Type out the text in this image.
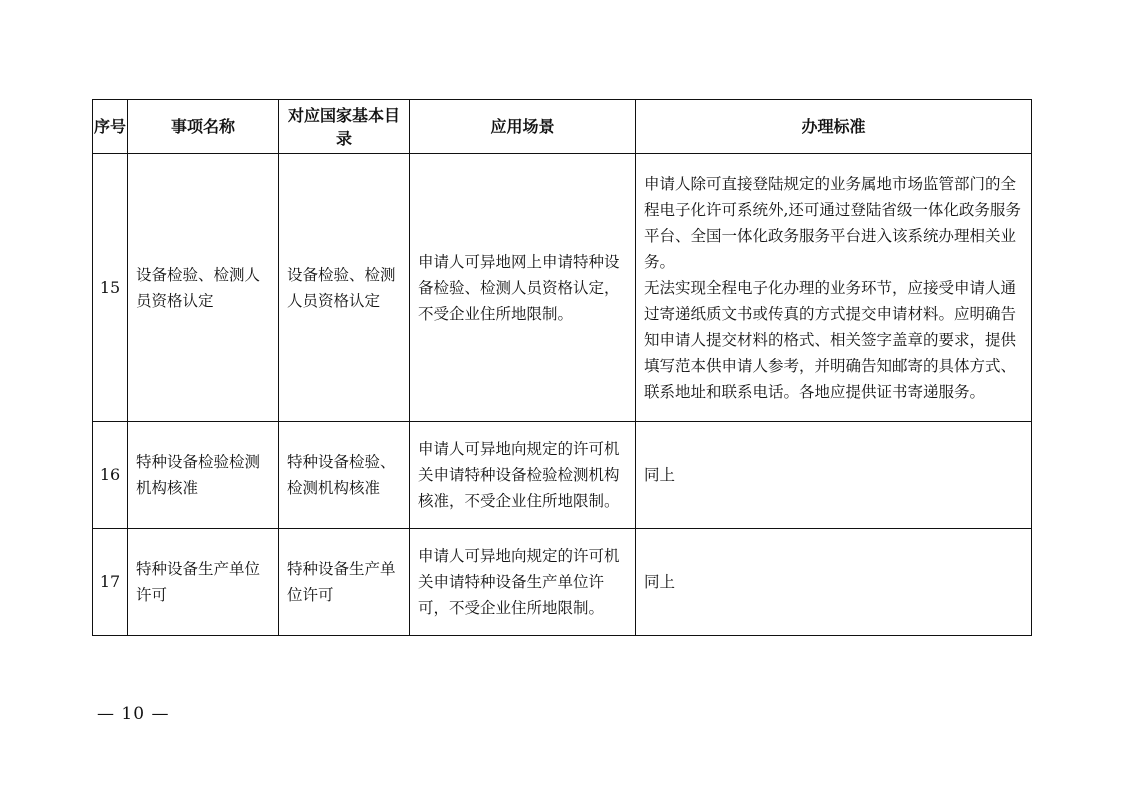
序号	事项名称	对应国家基本目录	应用场景	办理标准
15	设备检验、检测人员资格认定	设备检验、检测人员资格认定	申请人可异地网上申请特种设备检验、检测人员资格认定，不受企业住所地限制。	申请人除可直接登陆规定的业务属地市场监管部门的全程电子化许可系统外,还可通过登陆省级一体化政务服务平台、全国一体化政务服务平台进入该系统办理相关业务。
无法实现全程电子化办理的业务环节，应接受申请人通过寄递纸质文书或传真的方式提交申请材料。应明确告知申请人提交材料的格式、相关签字盖章的要求，提供填写范本供申请人参考，并明确告知邮寄的具体方式、联系地址和联系电话。各地应提供证书寄递服务。

16	特种设备检验检测机构核准	特种设备检验、检测机构核准	申请人可异地向规定的许可机关申请特种设备检验检测机构核准，不受企业住所地限制。	同上

17	特种设备生产单位许可	特种设备生产单位许可	申请人可异地向规定的许可机关申请特种设备生产单位许可，不受企业住所地限制。	同上
— 10 —
